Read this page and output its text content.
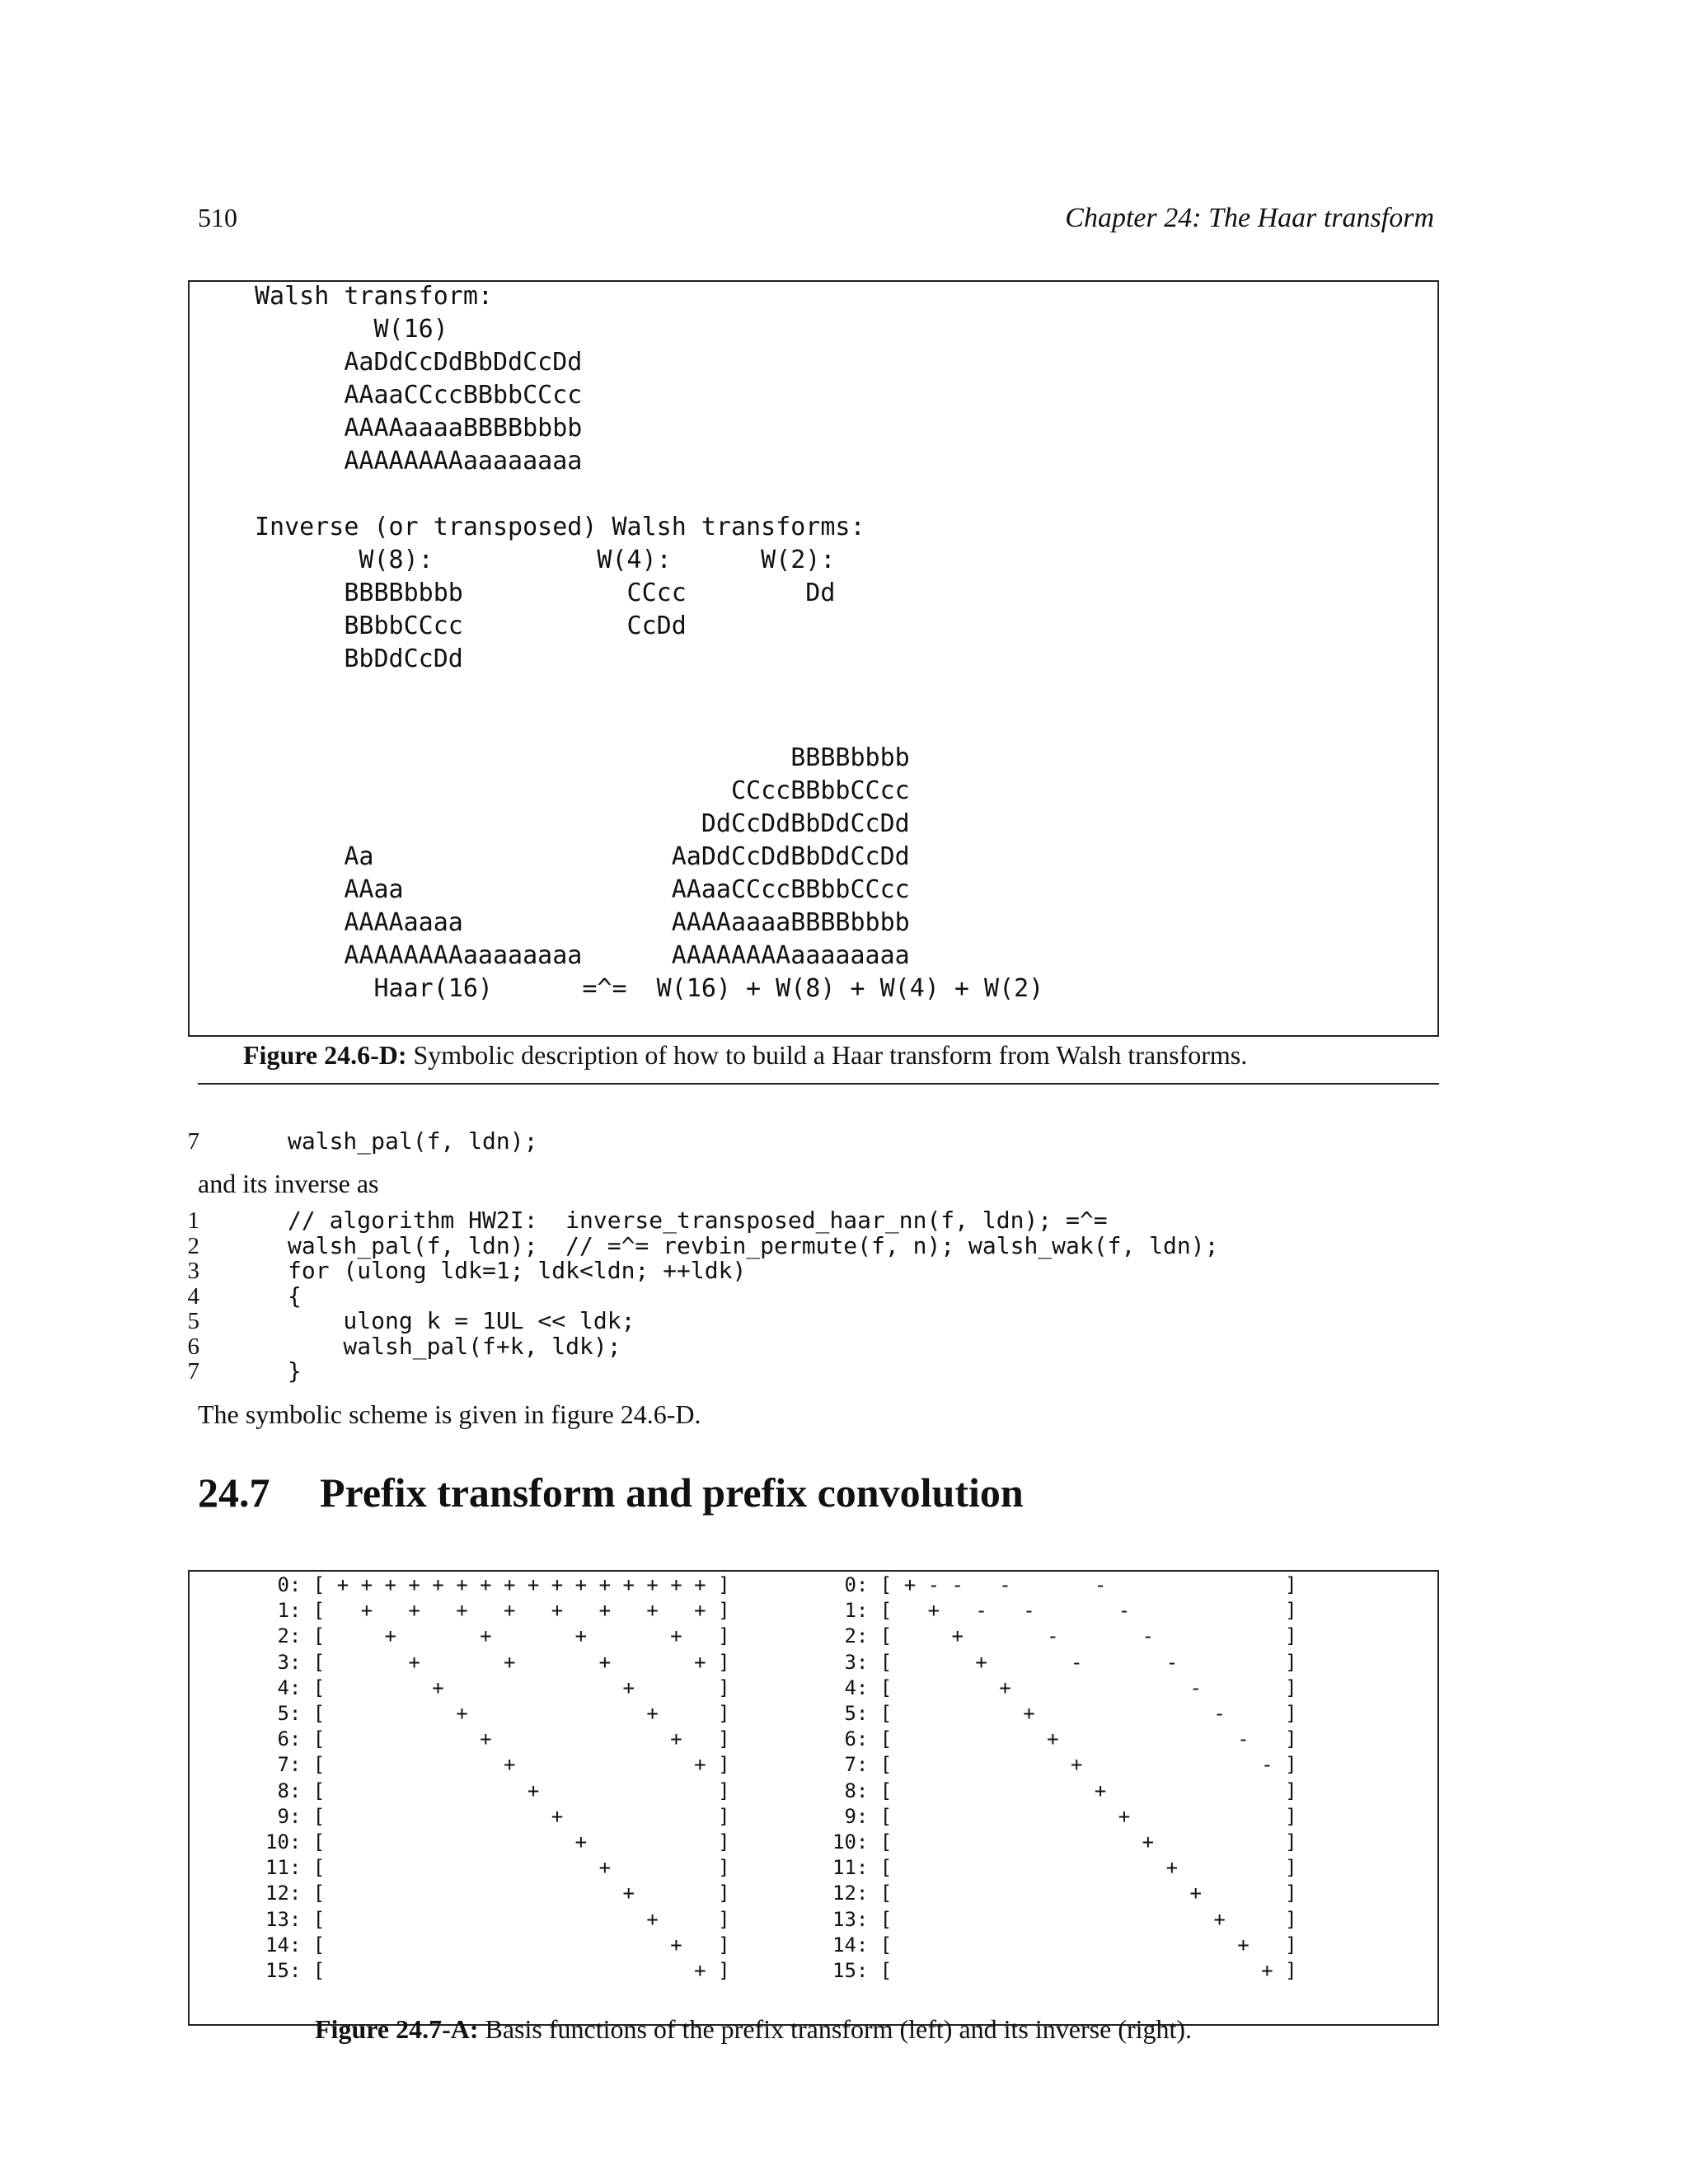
510	Chapter 24: The Haar transform
Walsh transform:
W(16)
AaDdCcDdBbDdCcDd
AAaaCCccBBbbCCcc
AAAAaaaaBBBBbbbb
AAAAAAAAaaaaaaaa
Inverse (or transposed) Walsh transforms:
W(8):           W(4):      W(2):
BBBBbbbb           CCcc        Dd
BBbbCCcc           CcDd
BbDdCcDd
BBBBbbbb
CCccBBbbCCcc
DdCcDdBbDdCcDd
Aa                    AaDdCcDdBbDdCcDd
AAaa                  AAaaCCccBBbbCCcc
AAAAaaaa              AAAAaaaaBBBBbbbb
AAAAAAAAaaaaaaaa      AAAAAAAAaaaaaaaa
Haar(16)      =^=  W(16) + W(8) + W(4) + W(2)
Figure 24.6-D: Symbolic description of how to build a Haar transform from Walsh transforms.
7	walsh_pal(f, ldn);
and its inverse as
1
2
3
4
5
6
7
// algorithm HW2I:  inverse_transposed_haar_nn(f, ldn); =^=
walsh_pal(f, ldn);  // =^= revbin_permute(f, n); walsh_wak(f, ldn);
for (ulong ldk=1; ldk<ldn; ++ldk)
{
ulong k = 1UL << ldk;
walsh_pal(f+k, ldk);
}
The symbolic scheme is given in figure 24.6-D.
24.7 Prefix transform and prefix convolution
0: [ + + + + + + + + + + + + + + + + ]
1: [   +   +   +   +   +   +   +   + ]
2: [     +       +       +       +   ]
3: [       +       +       +       + ]
4: [         +               +       ]
5: [           +               +     ]
6: [             +               +   ]
7: [               +               + ]
8: [                 +               ]
9: [                   +             ]
10: [                     +           ]
11: [                       +         ]
12: [                         +       ]
13: [                           +     ]
14: [                             +   ]
15: [                               + ]
0: [ + - -   -       -               ]
1: [   +   -   -       -             ]
2: [     +       -       -           ]
3: [       +       -       -         ]
4: [         +               -       ]
5: [           +               -     ]
6: [             +               -   ]
7: [               +               - ]
8: [                 +               ]
9: [                   +             ]
10: [                     +           ]
11: [                       +         ]
12: [                         +       ]
13: [                           +     ]
14: [                             +   ]
15: [                               + ]
Figure 24.7-A: Basis functions of the prefix transform (left) and its inverse (right).
